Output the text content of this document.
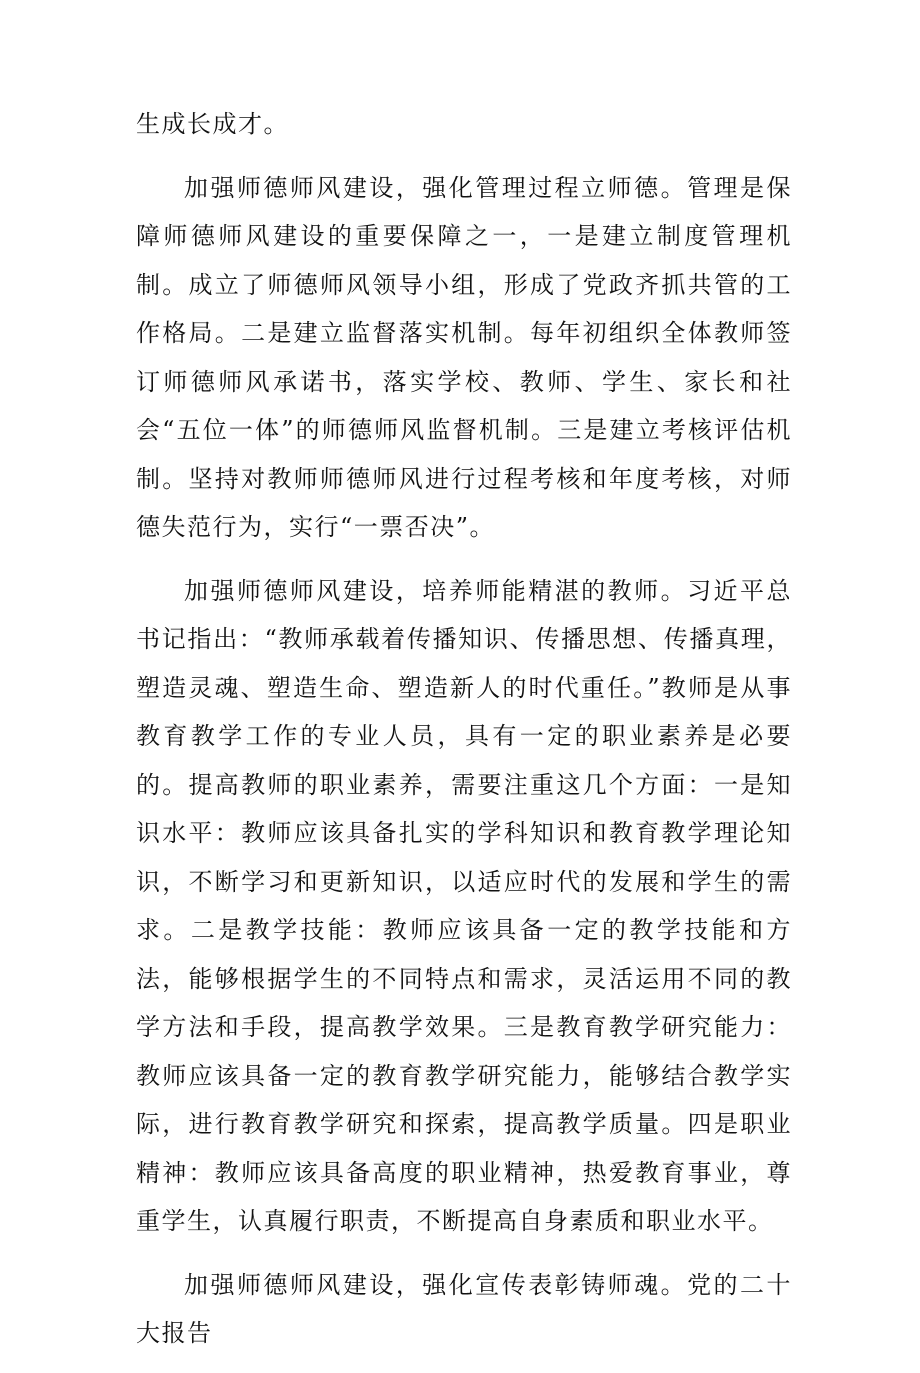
生成长成才。

加强师德师风建设，强化管理过程立师德。管理是保障师德师风建设的重要保障之一，一是建立制度管理机制。成立了师德师风领导小组，形成了党政齐抓共管的工作格局。二是建立监督落实机制。每年初组织全体教师签订师德师风承诺书，落实学校、教师、学生、家长和社会“五位一体”的师德师风监督机制。三是建立考核评估机制。坚持对教师师德师风进行过程考核和年度考核，对师德失范行为，实行“一票否决”。

加强师德师风建设，培养师能精湛的教师。习近平总书记指出：“教师承载着传播知识、传播思想、传播真理，塑造灵魂、塑造生命、塑造新人的时代重任。”教师是从事教育教学工作的专业人员，具有一定的职业素养是必要的。提高教师的职业素养，需要注重这几个方面：一是知识水平：教师应该具备扎实的学科知识和教育教学理论知识，不断学习和更新知识，以适应时代的发展和学生的需求。二是教学技能：教师应该具备一定的教学技能和方法，能够根据学生的不同特点和需求，灵活运用不同的教学方法和手段，提高教学效果。三是教育教学研究能力：教师应该具备一定的教育教学研究能力，能够结合教学实际，进行教育教学研究和探索，提高教学质量。四是职业精神：教师应该具备高度的职业精神，热爱教育事业，尊重学生，认真履行职责，不断提高自身素质和职业水平。

加强师德师风建设，强化宣传表彰铸师魂。党的二十大报告
